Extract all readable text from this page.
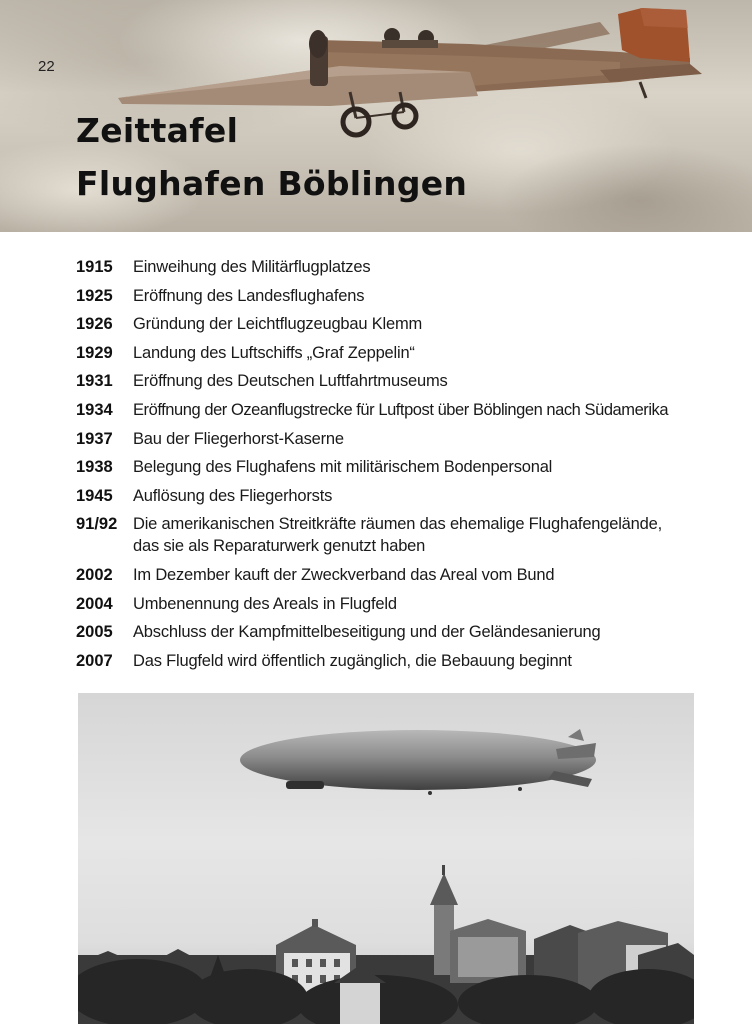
22
Zeittafel
Flughafen Böblingen
1915	Einweihung des Militärflugplatzes
1925	Eröffnung des Landesflughafens
1926	Gründung der Leichtflugzeugbau Klemm
1929	Landung des Luftschiffs „Graf Zeppelin“
1931	Eröffnung des Deutschen Luftfahrtmuseums
1934	Eröffnung der Ozeanflugstrecke für Luftpost über Böblingen nach Südamerika
1937	Bau der Fliegerhorst-Kaserne
1938	Belegung des Flughafens mit militärischem Bodenpersonal
1945	Auflösung des Fliegerhorsts
91/92 Die amerikanischen Streitkräfte räumen das ehemalige Flughafengelände,
das sie als Reparaturwerk genutzt haben
2002	Im Dezember kauft der Zweckverband das Areal vom Bund
2004	Umbenennung des Areals in Flugfeld
2005	Abschluss der Kampfmittelbeseitigung und der Geländesanierung
2007	Das Flugfeld wird öffentlich zugänglich, die Bebauung beginnt
